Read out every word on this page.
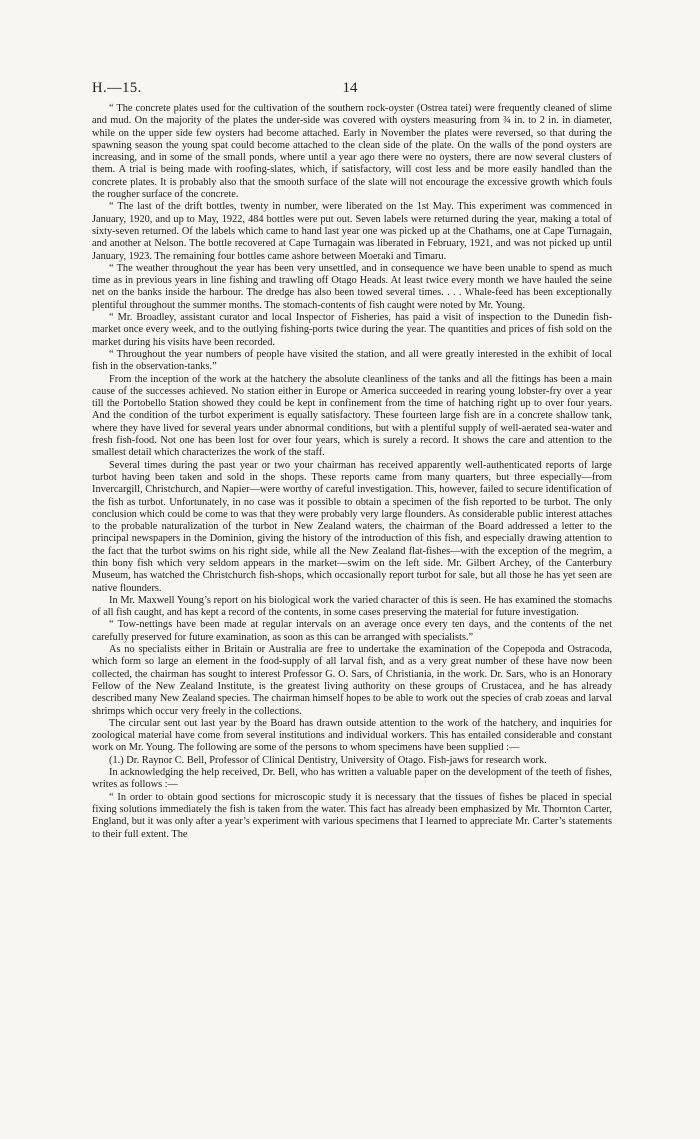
H.—15.	14

“ The concrete plates used for the cultivation of the southern rock-oyster (Ostrea tatei) were frequently cleaned of slime and mud. On the majority of the plates the under-side was covered with oysters measuring from ¾ in. to 2 in. in diameter, while on the upper side few oysters had become attached. Early in November the plates were reversed, so that during the spawning season the young spat could become attached to the clean side of the plate. On the walls of the pond oysters are increasing, and in some of the small ponds, where until a year ago there were no oysters, there are now several clusters of them. A trial is being made with roofing-slates, which, if satisfactory, will cost less and be more easily handled than the concrete plates. It is probably also that the smooth surface of the slate will not encourage the excessive growth which fouls the rougher surface of the concrete.

“ The last of the drift bottles, twenty in number, were liberated on the 1st May. This experiment was commenced in January, 1920, and up to May, 1922, 484 bottles were put out. Seven labels were returned during the year, making a total of sixty-seven returned. Of the labels which came to hand last year one was picked up at the Chathams, one at Cape Turnagain, and another at Nelson. The bottle recovered at Cape Turnagain was liberated in February, 1921, and was not picked up until January, 1923. The remaining four bottles came ashore between Moeraki and Timaru.

“ The weather throughout the year has been very unsettled, and in consequence we have been unable to spend as much time as in previous years in line fishing and trawling off Otago Heads. At least twice every month we have hauled the seine net on the banks inside the harbour. The dredge has also been towed several times. . . . Whale-feed has been exceptionally plentiful throughout the summer months. The stomach-contents of fish caught were noted by Mr. Young.

“ Mr. Broadley, assistant curator and local Inspector of Fisheries, has paid a visit of inspection to the Dunedin fish-market once every week, and to the outlying fishing-ports twice during the year. The quantities and prices of fish sold on the market during his visits have been recorded.

“ Throughout the year numbers of people have visited the station, and all were greatly interested in the exhibit of local fish in the observation-tanks.”

From the inception of the work at the hatchery the absolute cleanliness of the tanks and all the fittings has been a main cause of the successes achieved. No station either in Europe or America succeeded in rearing young lobster-fry over a year till the Portobello Station showed they could be kept in confinement from the time of hatching right up to over four years. And the condition of the turbot experiment is equally satisfactory. These fourteen large fish are in a concrete shallow tank, where they have lived for several years under abnormal conditions, but with a plentiful supply of well-aerated sea-water and fresh fish-food. Not one has been lost for over four years, which is surely a record. It shows the care and attention to the smallest detail which characterizes the work of the staff.

Several times during the past year or two your chairman has received apparently well-authenticated reports of large turbot having been taken and sold in the shops. These reports came from many quarters, but three especially—from Invercargill, Christchurch, and Napier—were worthy of careful investigation. This, however, failed to secure identification of the fish as turbot. Unfortunately, in no case was it possible to obtain a specimen of the fish reported to be turbot. The only conclusion which could be come to was that they were probably very large flounders. As considerable public interest attaches to the probable naturalization of the turbot in New Zealand waters, the chairman of the Board addressed a letter to the principal newspapers in the Dominion, giving the history of the introduction of this fish, and especially drawing attention to the fact that the turbot swims on his right side, while all the New Zealand flat-fishes—with the exception of the megrim, a thin bony fish which very seldom appears in the market—swim on the left side. Mr. Gilbert Archey, of the Canterbury Museum, has watched the Christchurch fish-shops, which occasionally report turbot for sale, but all those he has yet seen are native flounders.

In Mr. Maxwell Young’s report on his biological work the varied character of this is seen. He has examined the stomachs of all fish caught, and has kept a record of the contents, in some cases preserving the material for future investigation.

“ Tow-nettings have been made at regular intervals on an average once every ten days, and the contents of the net carefully preserved for future examination, as soon as this can be arranged with specialists.”

As no specialists either in Britain or Australia are free to undertake the examination of the Copepoda and Ostracoda, which form so large an element in the food-supply of all larval fish, and as a very great number of these have now been collected, the chairman has sought to interest Professor G. O. Sars, of Christiania, in the work. Dr. Sars, who is an Honorary Fellow of the New Zealand Institute, is the greatest living authority on these groups of Crustacea, and he has already described many New Zealand species. The chairman himself hopes to be able to work out the species of crab zoeas and larval shrimps which occur very freely in the collections.

The circular sent out last year by the Board has drawn outside attention to the work of the hatchery, and inquiries for zoological material have come from several institutions and individual workers. This has entailed considerable and constant work on Mr. Young. The following are some of the persons to whom specimens have been supplied :—

(1.) Dr. Raynor C. Bell, Professor of Clinical Dentistry, University of Otago. Fish-jaws for research work.

In acknowledging the help received, Dr. Bell, who has written a valuable paper on the development of the teeth of fishes, writes as follows :—

“ In order to obtain good sections for microscopic study it is necessary that the tissues of fishes be placed in special fixing solutions immediately the fish is taken from the water. This fact has already been emphasized by Mr. Thornton Carter, England, but it was only after a year’s experiment with various specimens that I learned to appreciate Mr. Carter’s statements to their full extent. The
